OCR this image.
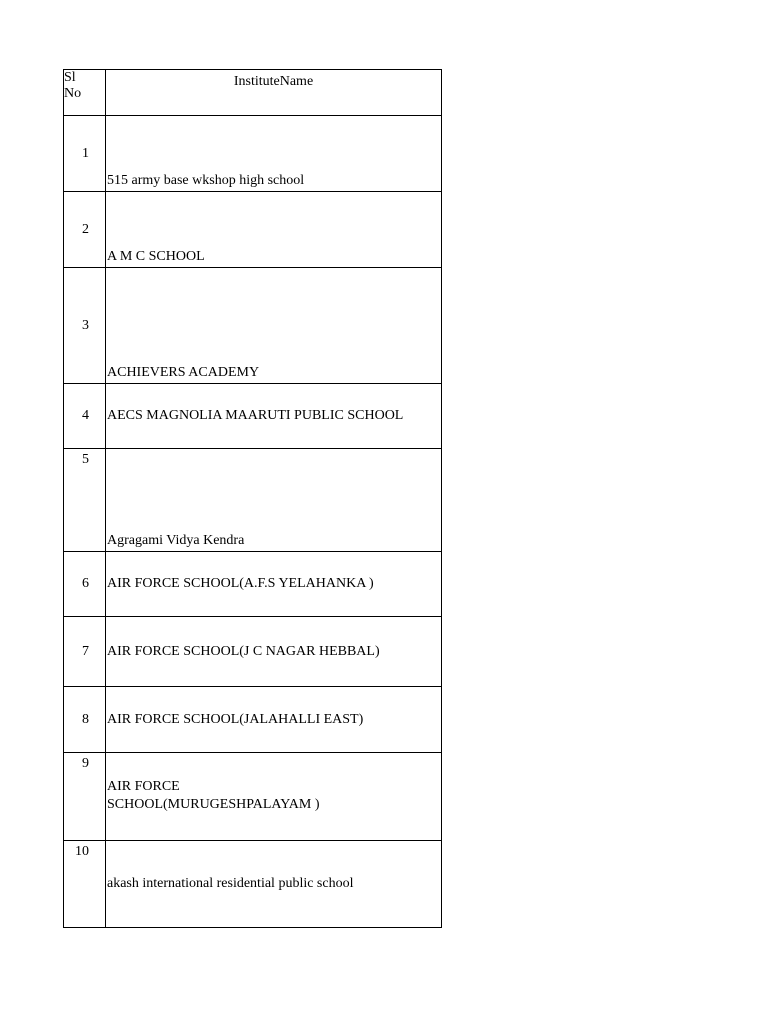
Sl
No	InstituteName

1	515 army base wkshop high school

2	A M C SCHOOL

3	ACHIEVERS ACADEMY

4	AECS MAGNOLIA MAARUTI PUBLIC SCHOOL

5	Agragami Vidya Kendra

6	AIR FORCE SCHOOL(A.F.S YELAHANKA )
7	AIR FORCE SCHOOL(J C NAGAR HEBBAL)
8	AIR FORCE SCHOOL(JALAHALLI EAST)

9	AIR FORCE SCHOOL(MURUGESHPALAYAM )

10	akash international residential public school
